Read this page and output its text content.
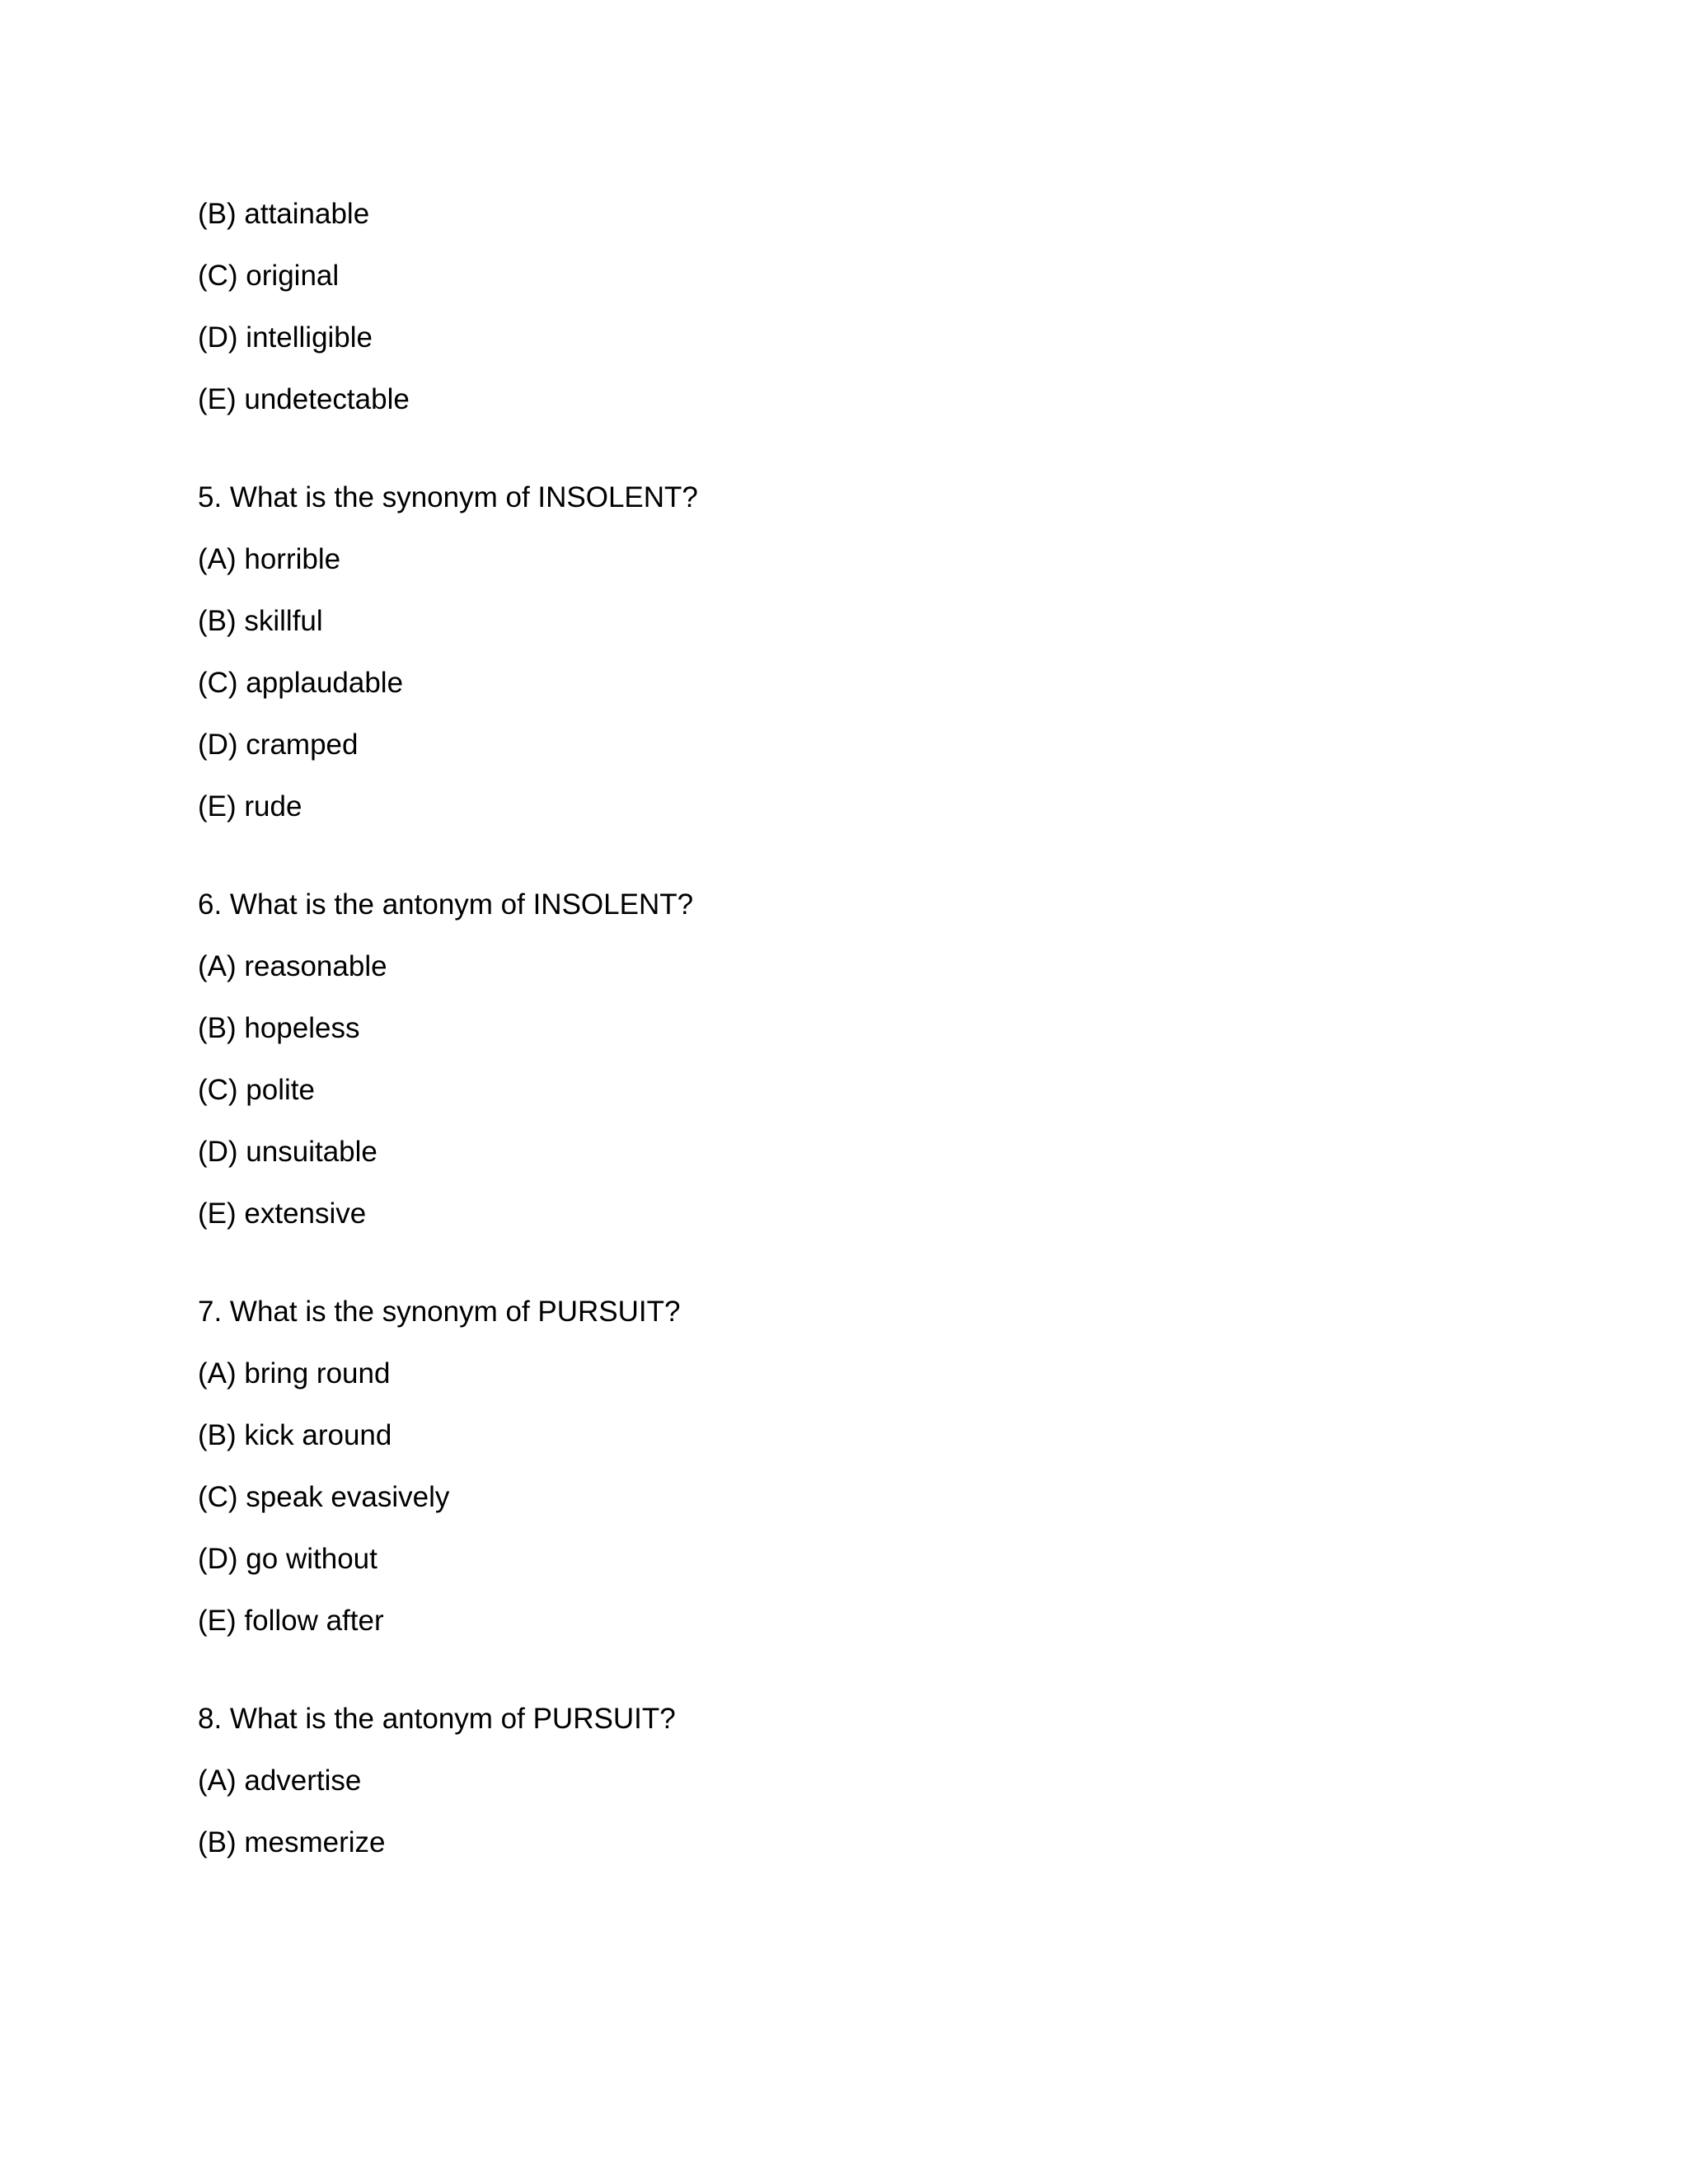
(B) attainable
(C) original
(D) intelligible
(E) undetectable
5. What is the synonym of INSOLENT?
(A) horrible
(B) skillful
(C) applaudable
(D) cramped
(E) rude
6. What is the antonym of INSOLENT?
(A) reasonable
(B) hopeless
(C) polite
(D) unsuitable
(E) extensive
7. What is the synonym of PURSUIT?
(A) bring round
(B) kick around
(C) speak evasively
(D) go without
(E) follow after
8. What is the antonym of PURSUIT?
(A) advertise
(B) mesmerize
